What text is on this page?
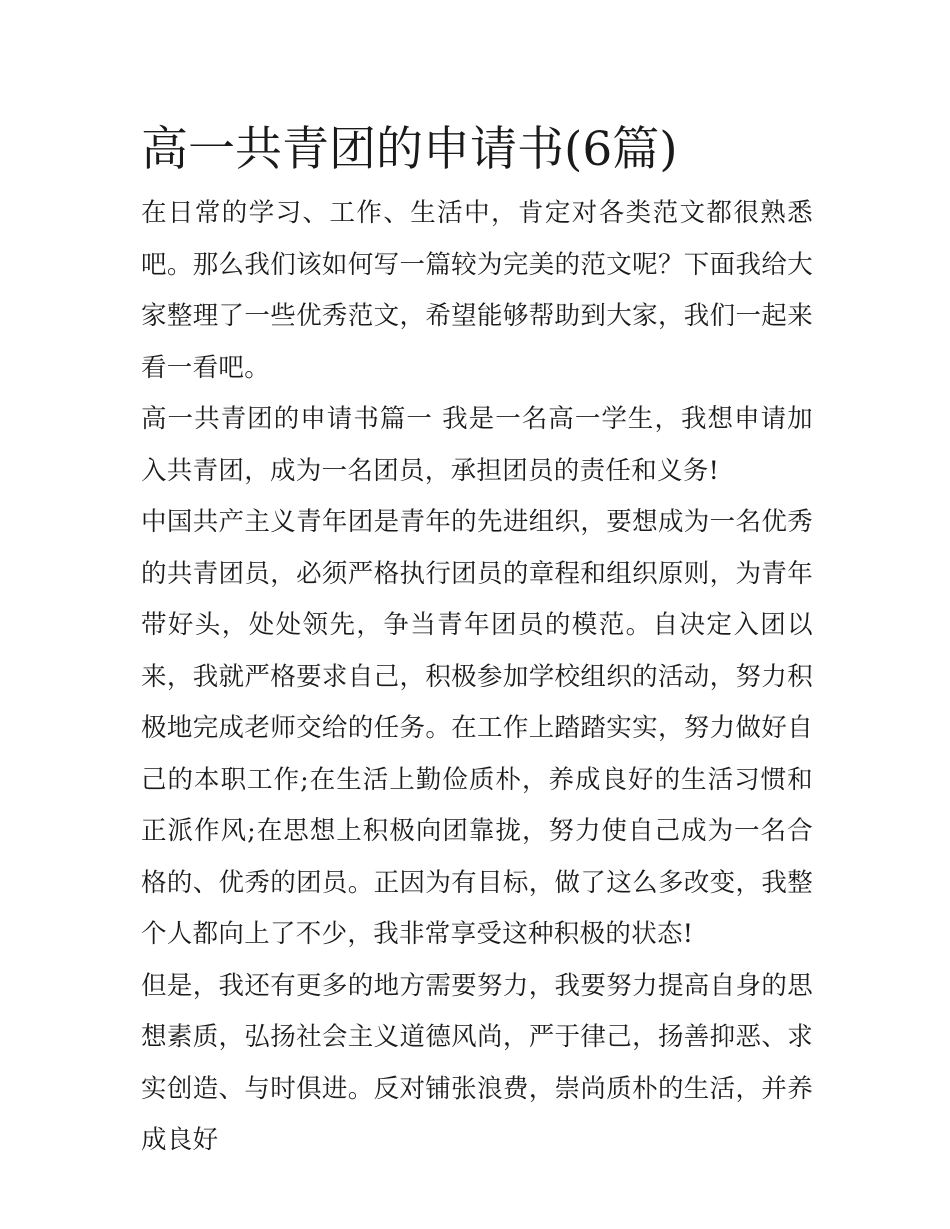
高一共青团的申请书(6篇)

在日常的学习、工作、生活中，肯定对各类范文都很熟悉吧。那么我们该如何写一篇较为完美的范文呢？下面我给大家整理了一些优秀范文，希望能够帮助到大家，我们一起来看一看吧。

高一共青团的申请书篇一 我是一名高一学生，我想申请加入共青团，成为一名团员，承担团员的责任和义务!

中国共产主义青年团是青年的先进组织，要想成为一名优秀的共青团员，必须严格执行团员的章程和组织原则，为青年带好头，处处领先，争当青年团员的模范。自决定入团以来，我就严格要求自己，积极参加学校组织的活动，努力积极地完成老师交给的任务。在工作上踏踏实实，努力做好自己的本职工作;在生活上勤俭质朴，养成良好的生活习惯和正派作风;在思想上积极向团靠拢，努力使自己成为一名合格的、优秀的团员。正因为有目标，做了这么多改变，我整个人都向上了不少，我非常享受这种积极的状态!

但是，我还有更多的地方需要努力，我要努力提高自身的思想素质，弘扬社会主义道德风尚，严于律己，扬善抑恶、求实创造、与时俱进。反对铺张浪费，崇尚质朴的生活，并养成良好
